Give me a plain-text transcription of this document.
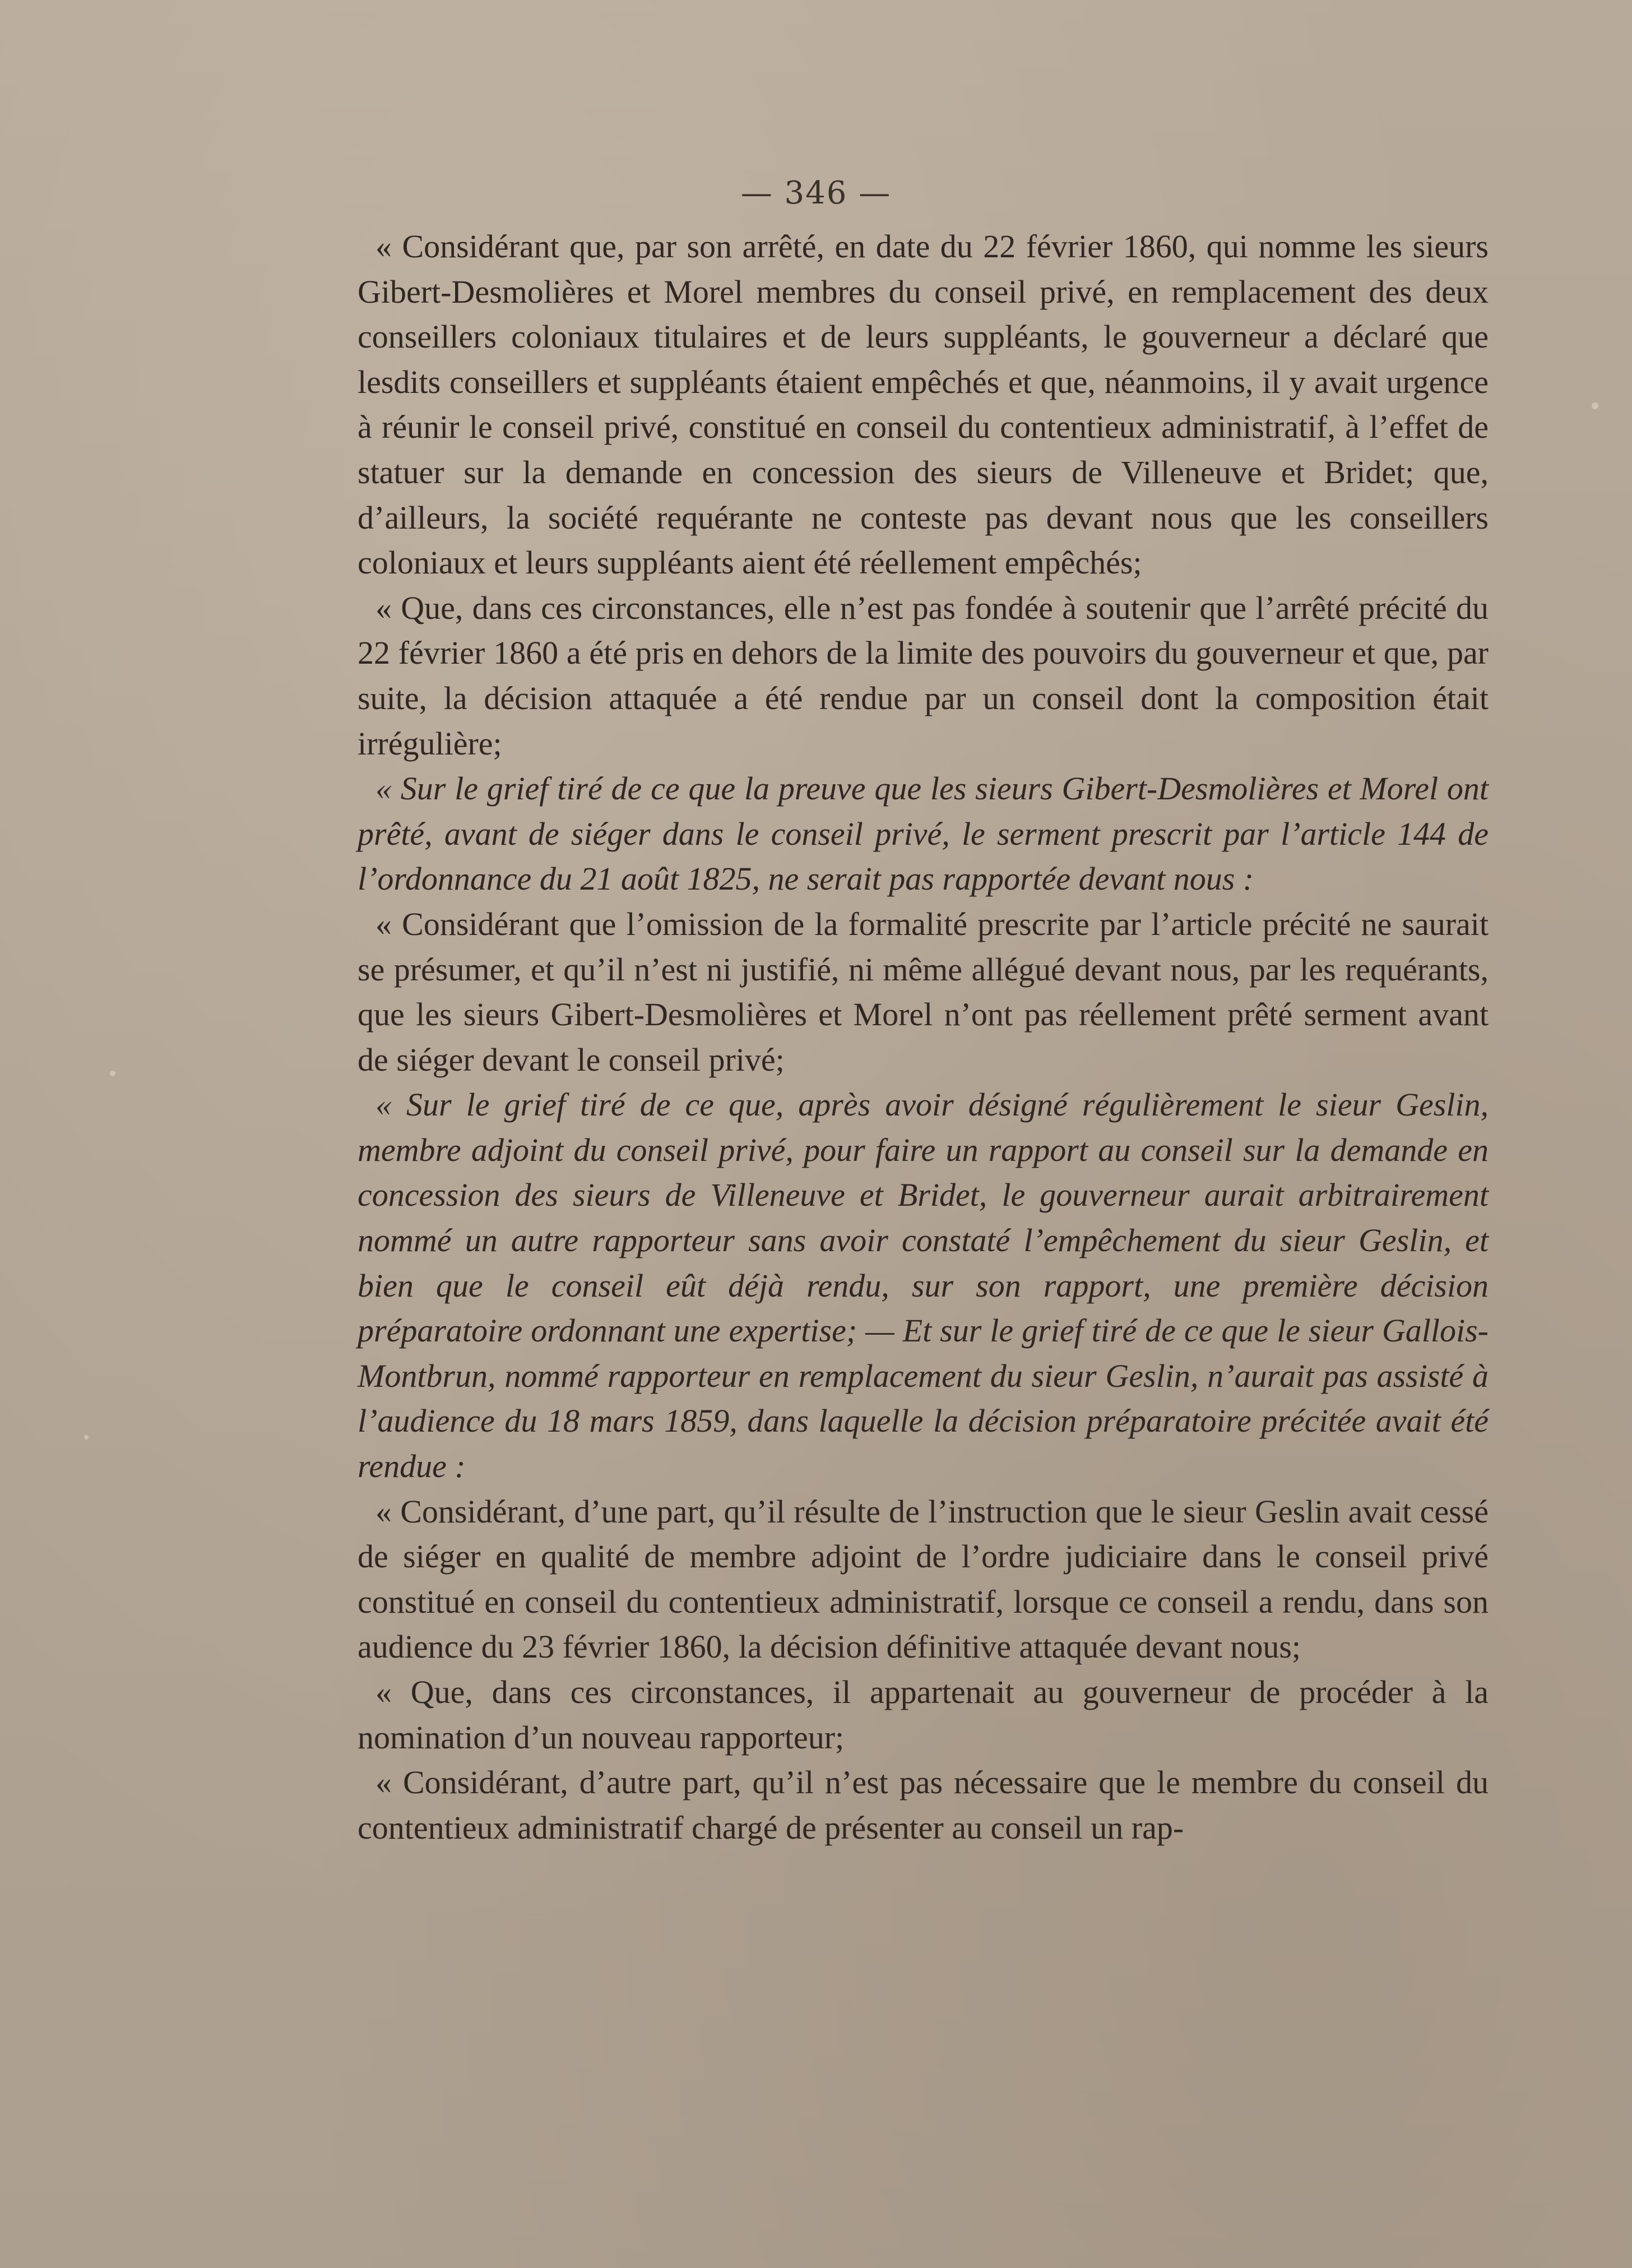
— 346 —

« Considérant que, par son arrêté, en date du 22 février 1860, qui nomme les sieurs Gibert-Desmolières et Morel membres du conseil privé, en remplacement des deux conseillers coloniaux titulaires et de leurs suppléants, le gouverneur a déclaré que lesdits conseillers et suppléants étaient empêchés et que, néanmoins, il y avait urgence à réunir le conseil privé, constitué en conseil du contentieux administratif, à l’effet de statuer sur la demande en concession des sieurs de Villeneuve et Bridet; que, d’ailleurs, la société requérante ne conteste pas devant nous que les conseillers coloniaux et leurs suppléants aient été réellement empêchés;

« Que, dans ces circonstances, elle n’est pas fondée à soutenir que l’arrêté précité du 22 février 1860 a été pris en dehors de la limite des pouvoirs du gouverneur et que, par suite, la décision attaquée a été rendue par un conseil dont la composition était irrégulière;

« Sur le grief tiré de ce que la preuve que les sieurs Gibert-Desmolières et Morel ont prêté, avant de siéger dans le conseil privé, le serment prescrit par l’article 144 de l’ordonnance du 21 août 1825, ne serait pas rapportée devant nous :

« Considérant que l’omission de la formalité prescrite par l’article précité ne saurait se présumer, et qu’il n’est ni justifié, ni même allégué devant nous, par les requérants, que les sieurs Gibert-Desmolières et Morel n’ont pas réellement prêté serment avant de siéger devant le conseil privé;

« Sur le grief tiré de ce que, après avoir désigné régulièrement le sieur Geslin, membre adjoint du conseil privé, pour faire un rapport au conseil sur la demande en concession des sieurs de Villeneuve et Bridet, le gouverneur aurait arbitrairement nommé un autre rapporteur sans avoir constaté l’empêchement du sieur Geslin, et bien que le conseil eût déjà rendu, sur son rapport, une première décision préparatoire ordonnant une expertise; — Et sur le grief tiré de ce que le sieur Gallois-Montbrun, nommé rapporteur en remplacement du sieur Geslin, n’aurait pas assisté à l’audience du 18 mars 1859, dans laquelle la décision préparatoire précitée avait été rendue :

« Considérant, d’une part, qu’il résulte de l’instruction que le sieur Geslin avait cessé de siéger en qualité de membre adjoint de l’ordre judiciaire dans le conseil privé constitué en conseil du contentieux administratif, lorsque ce conseil a rendu, dans son audience du 23 février 1860, la décision définitive attaquée devant nous;

« Que, dans ces circonstances, il appartenait au gouverneur de procéder à la nomination d’un nouveau rapporteur;

« Considérant, d’autre part, qu’il n’est pas nécessaire que le membre du conseil du contentieux administratif chargé de présenter au conseil un rap-
